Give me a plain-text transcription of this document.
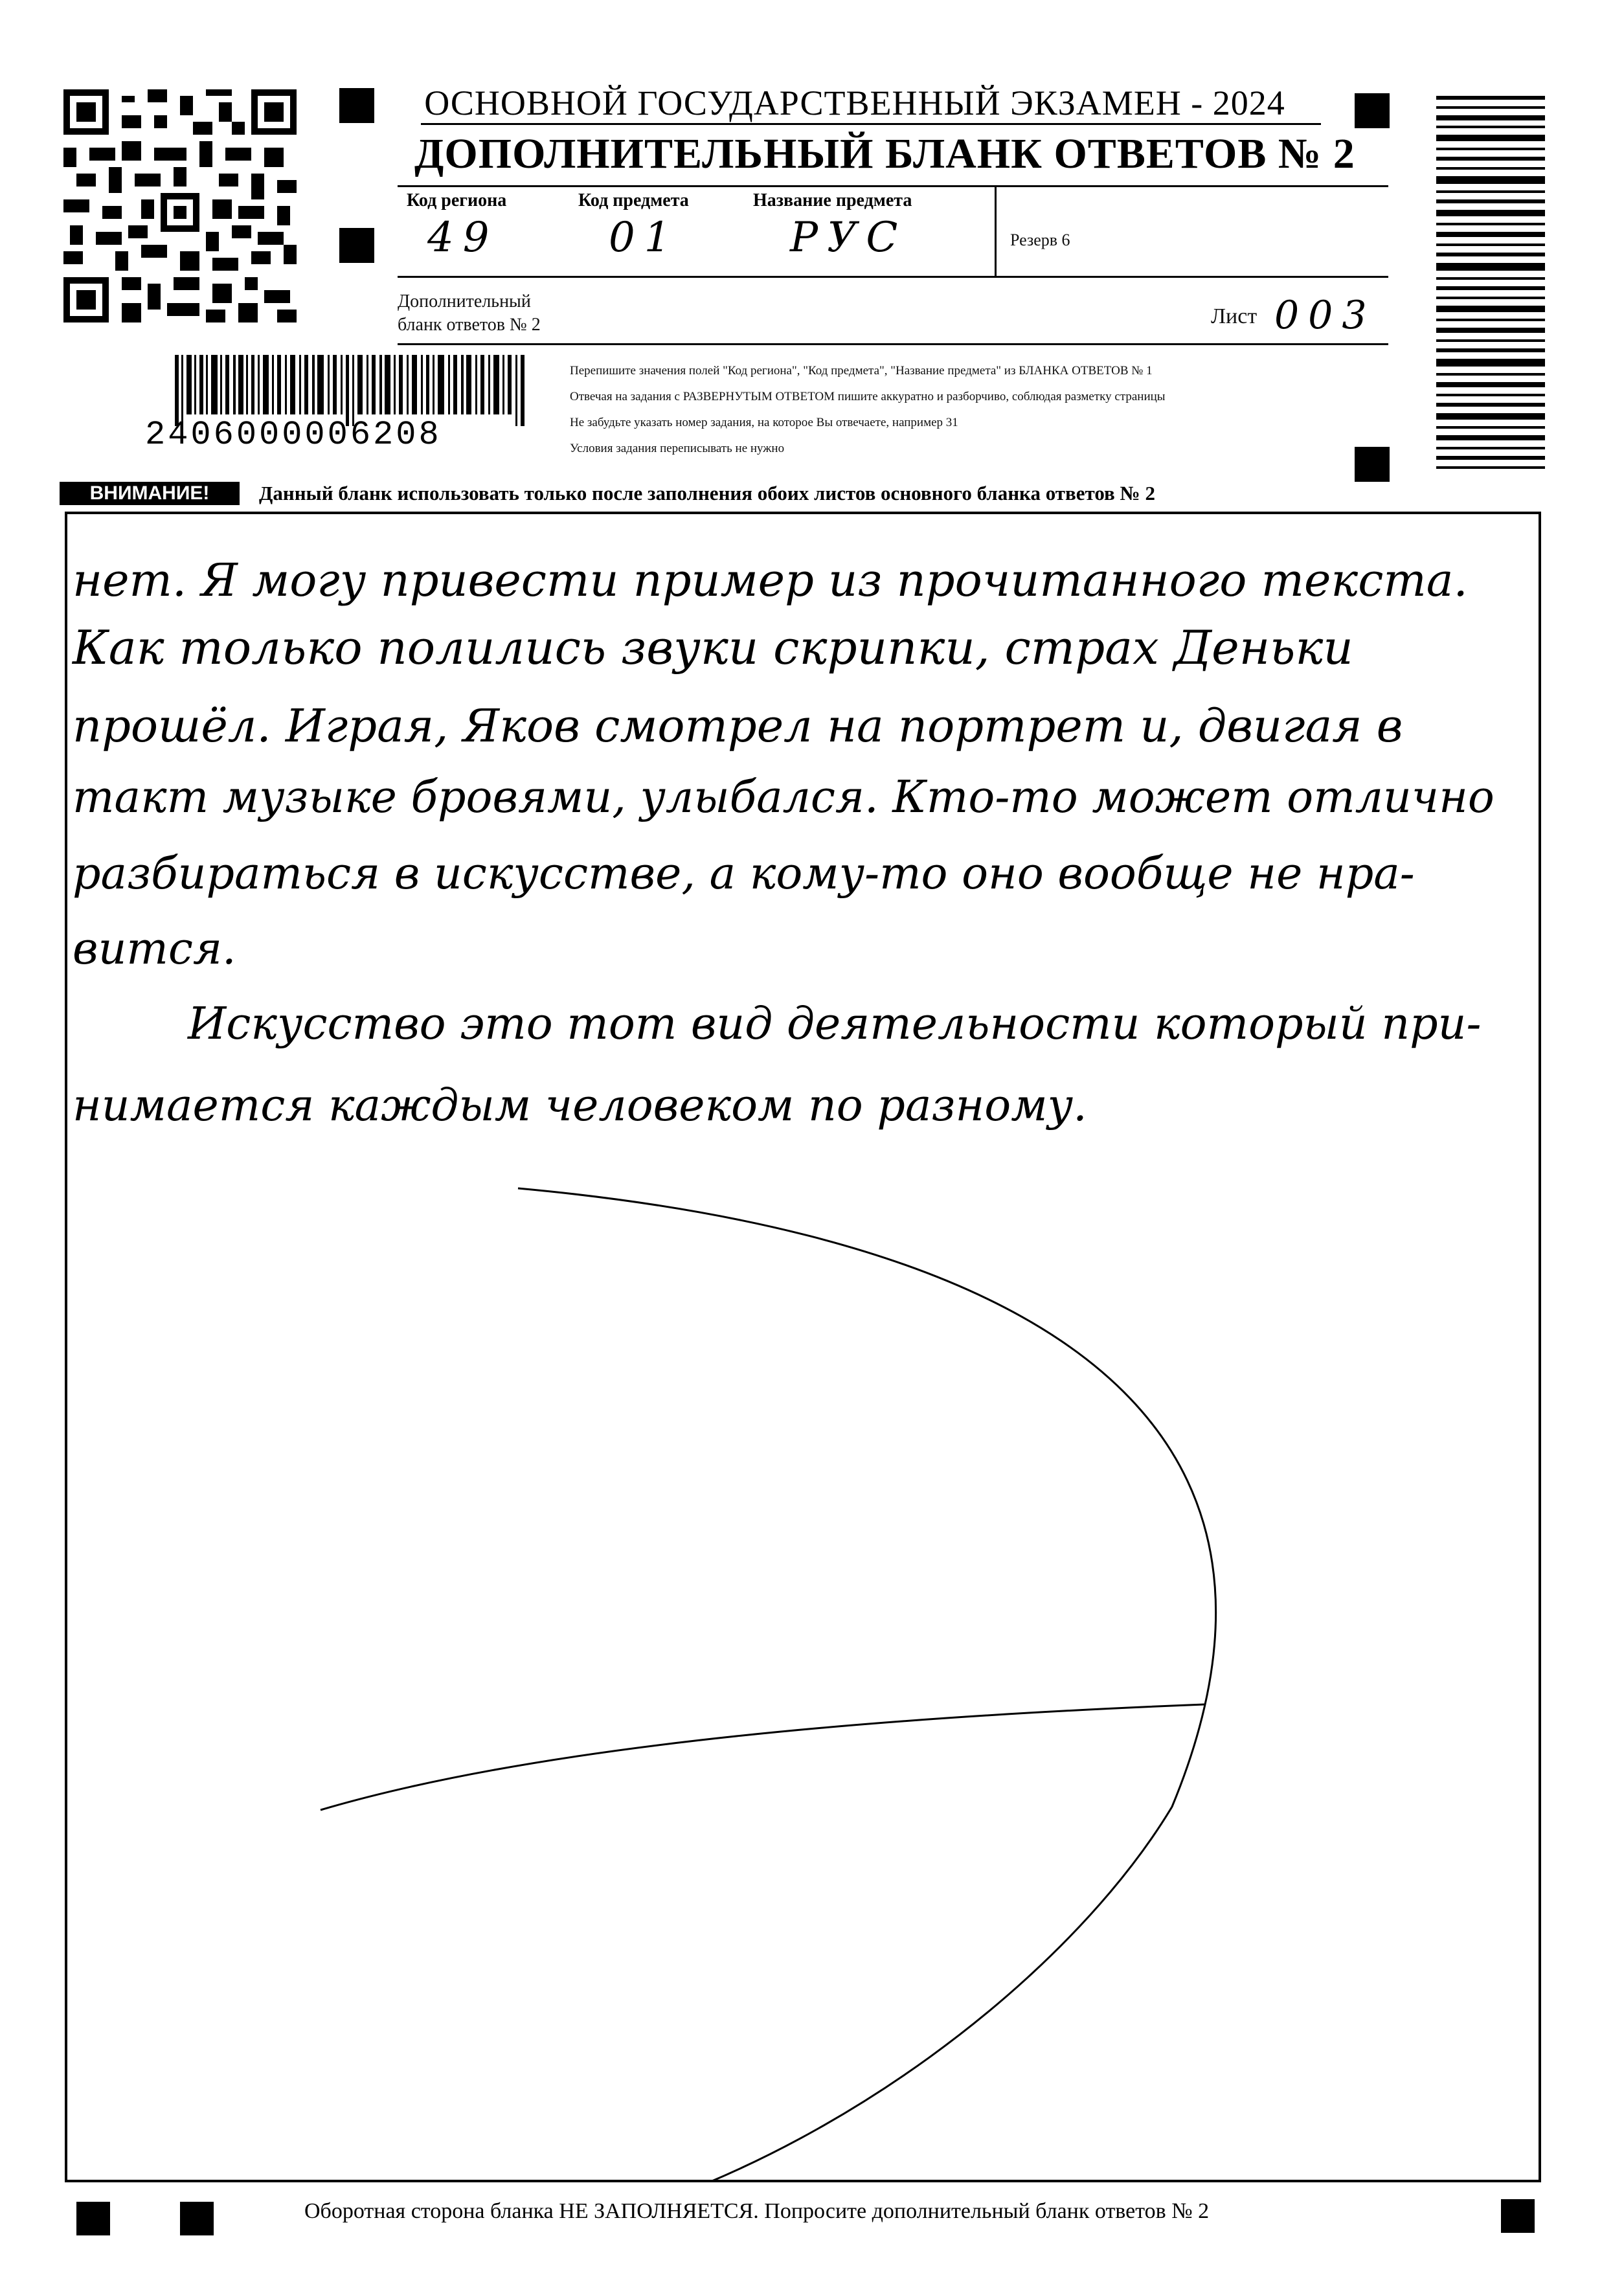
ОСНОВНОЙ ГОСУДАРСТВЕННЫЙ ЭКЗАМЕН - 2024
ДОПОЛНИТЕЛЬНЫЙ БЛАНК ОТВЕТОВ № 2
Код региона	Код предмета	Название предмета
49	01	РУС	Резерв 6
Дополнительный
бланк ответов № 2	Лист 003
2406000006208
Перепишите значения полей "Код региона", "Код предмета", "Название предмета" из БЛАНКА ОТВЕТОВ № 1
Отвечая на задания с РАЗВЕРНУТЫМ ОТВЕТОМ пишите аккуратно и разборчиво, соблюдая разметку страницы
Не забудьте указать номер задания, на которое Вы отвечаете, например 31
Условия задания переписывать не нужно
ВНИМАНИЕ!	Данный бланк использовать только после заполнения обоих листов основного бланка ответов № 2
нет. Я могу привести пример из прочитанного текста.
Как только полились звуки скрипки, страх Деньки
прошёл. Играя, Яков смотрел на портрет и, двигая в
такт музыке бровями, улыбался. Кто-то может отлично
разбираться в искусстве, а кому-то оно вообще не нра-
вится.
Искусство это тот вид деятельности который при-
нимается каждым человеком по разному.
Оборотная сторона бланка НЕ ЗАПОЛНЯЕТСЯ. Попросите дополнительный бланк ответов № 2
